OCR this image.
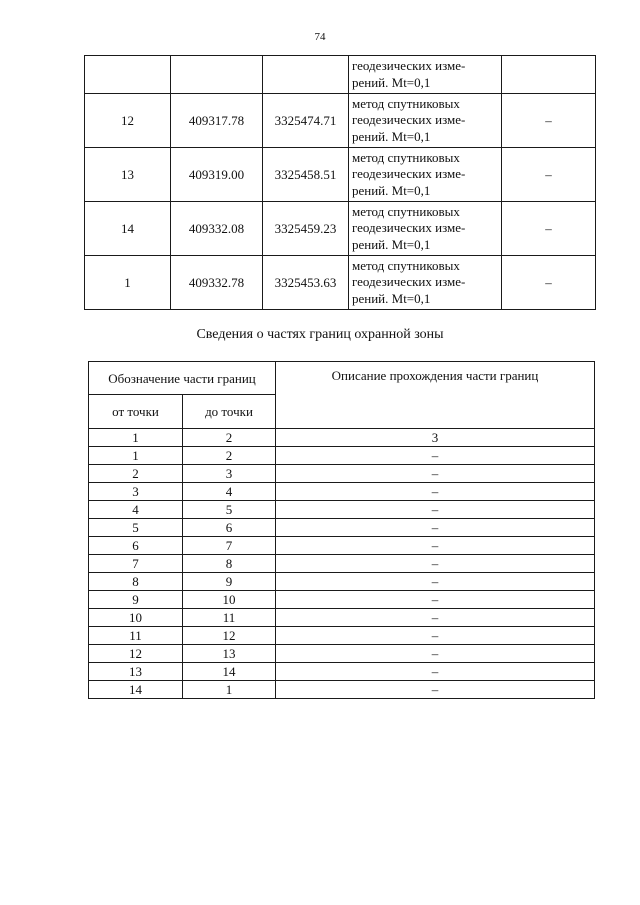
74

			геодезических изме-
рений. Mt=0,1	

12	409317.78	3325474.71	метод спутниковых
геодезических изме-
рений. Mt=0,1	–
13	409319.00	3325458.51	метод спутниковых
геодезических изме-
рений. Mt=0,1	–
14	409332.08	3325459.23	метод спутниковых
геодезических изме-
рений. Mt=0,1	–
1	409332.78	3325453.63	метод спутниковых
геодезических изме-
рений. Mt=0,1	–
Сведения о частях границ охранной зоны
Обозначение части границ		Описание прохождения части границ
от точки	до точки	
1	2	3
1	2	–
2	3	–
3	4	–
4	5	–
5	6	–
6	7	–
7	8	–
8	9	–
9	10	–
10	11	–
11	12	–
12	13	–
13	14	–
14	1	–
